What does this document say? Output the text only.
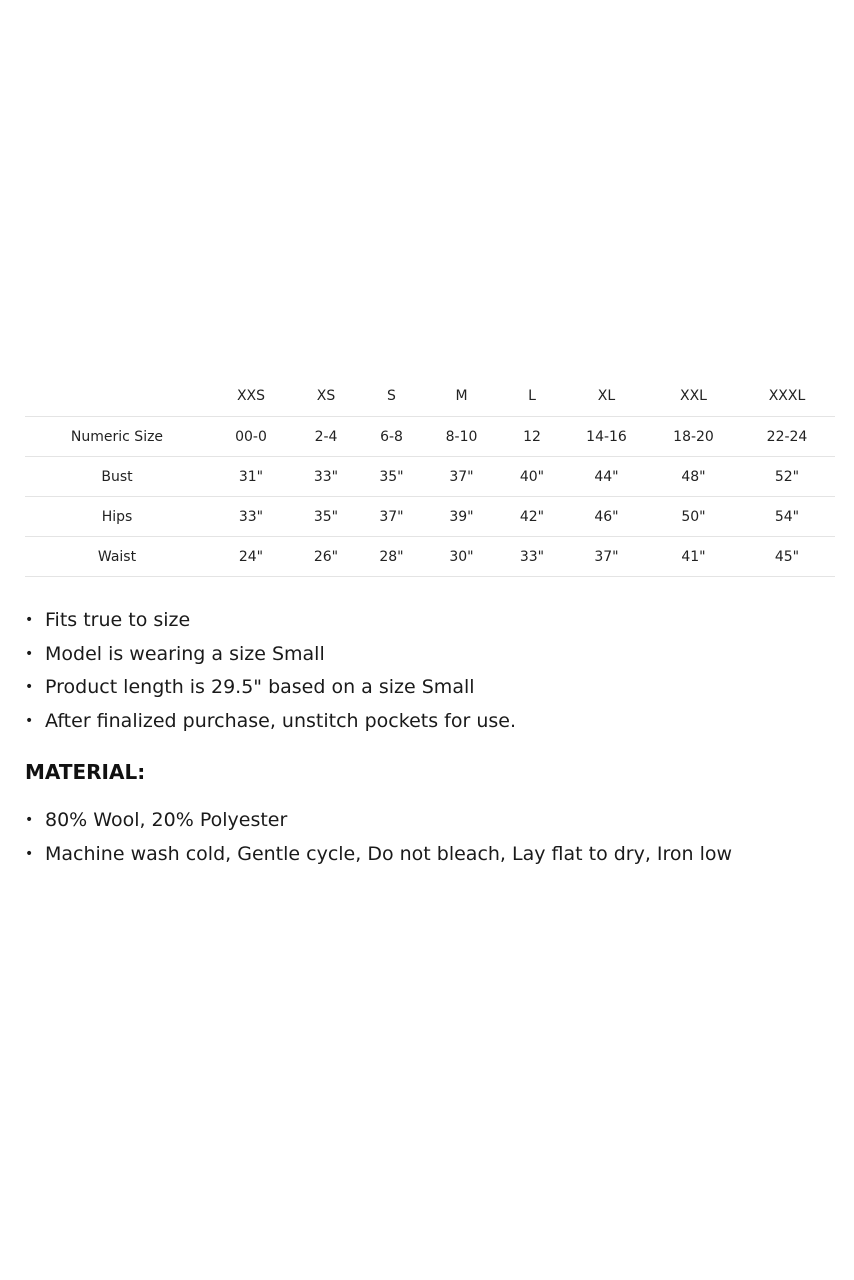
	XXS	XS	S	M	L	XL	XXL	XXXL
Numeric Size	00-0	2-4	6-8	8-10	12	14-16	18-20	22-24
Bust	31"	33"	35"	37"	40"	44"	48"	52"
Hips	33"	35"	37"	39"	42"	46"	50"	54"
Waist	24"	26"	28"	30"	33"	37"	41"	45"
• Fits true to size
• Model is wearing a size Small
• Product length is 29.5" based on a size Small
• After finalized purchase, unstitch pockets for use.
MATERIAL:
• 80% Wool, 20% Polyester
• Machine wash cold, Gentle cycle, Do not bleach, Lay flat to dry, Iron low
